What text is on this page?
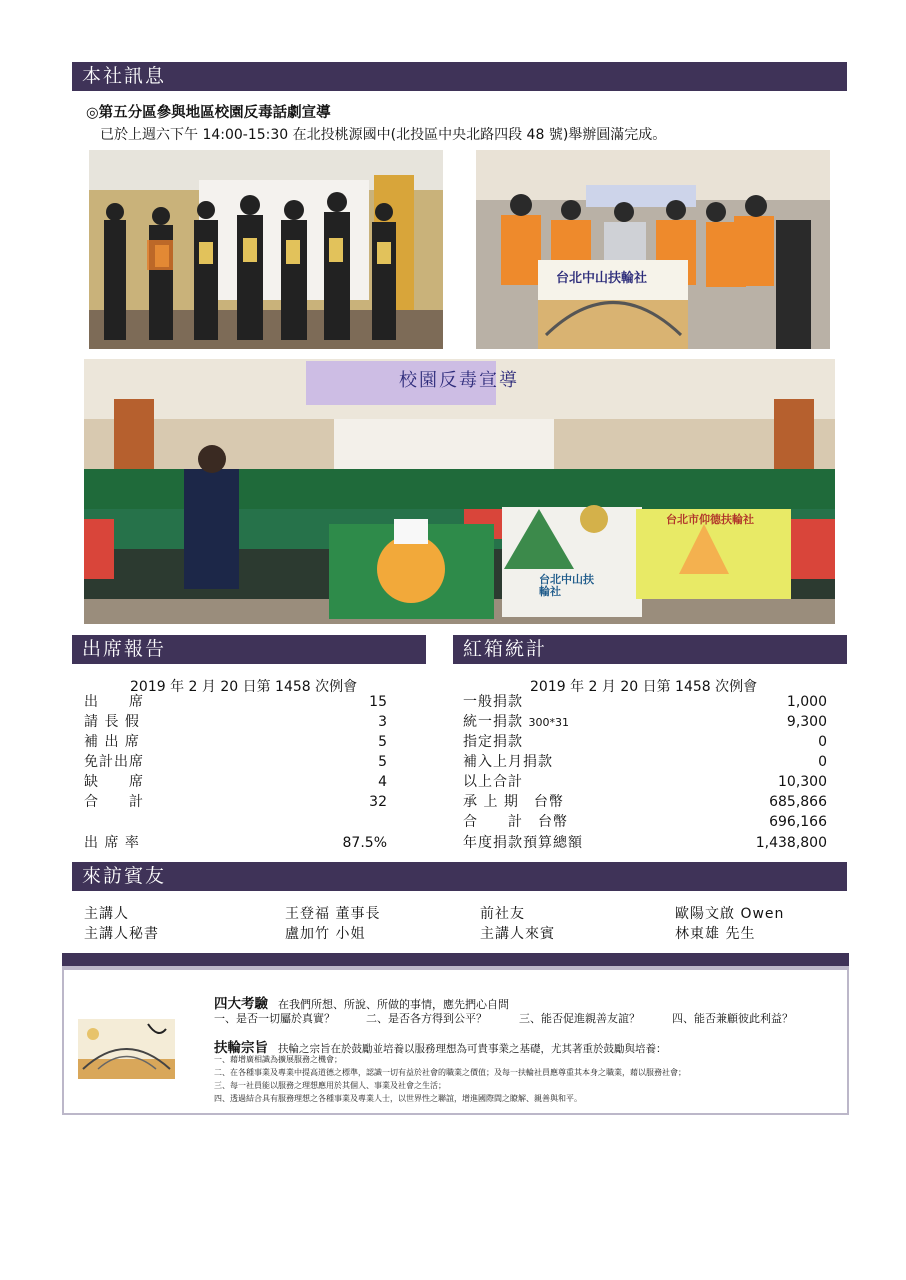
本社訊息
◎第五分區參與地區校園反毒話劇宣導
已於上週六下午 14:00-15:30 在北投桃源國中(北投區中央北路四段 48 號)舉辦圓滿完成。
台北中山扶輪社
校園反毒宣導
台北中山扶輪社
台北市仰德扶輪社
出席報告	紅箱統計
2019 年 2 月 20 日第 1458 次例會
出　　席	15
請 長 假	3
補 出 席	5
免計出席	5
缺　　席	4
合　　計	32
出 席 率	87.5%
2019 年 2 月 20 日第 1458 次例會
一般捐款	1,000
統一捐款 300*31	9,300
指定捐款	0
補入上月捐款	0
以上合計	10,300
承 上 期　台幣	685,866
合　　計　台幣	696,166
年度捐款預算總額	1,438,800
來訪賓友
主講人	王登福 董事長	前社友	歐陽文啟 Owen
主講人秘書	盧加竹 小姐	主講人來賓	林東雄 先生
四大考驗 在我們所想、所說、所做的事情，應先捫心自問
一、是否一切屬於真實？	二、是否各方得到公平？	三、能否促進親善友誼？	四、能否兼顧彼此利益？
扶輪宗旨 扶輪之宗旨在於鼓勵並培養以服務理想為可貴事業之基礎，尤其著重於鼓勵與培養：
一、藉增廣相識為擴展服務之機會；
二、在各種事業及專業中提高道德之標準，認識一切有益於社會的職業之價值；及每一扶輪社員應尊重其本身之職業，藉以服務社會；
三、每一社員能以服務之理想應用於其個人、事業及社會之生活；
四、透過結合具有服務理想之各種事業及專業人士，以世界性之聯誼，增進國際間之瞭解、親善與和平。
